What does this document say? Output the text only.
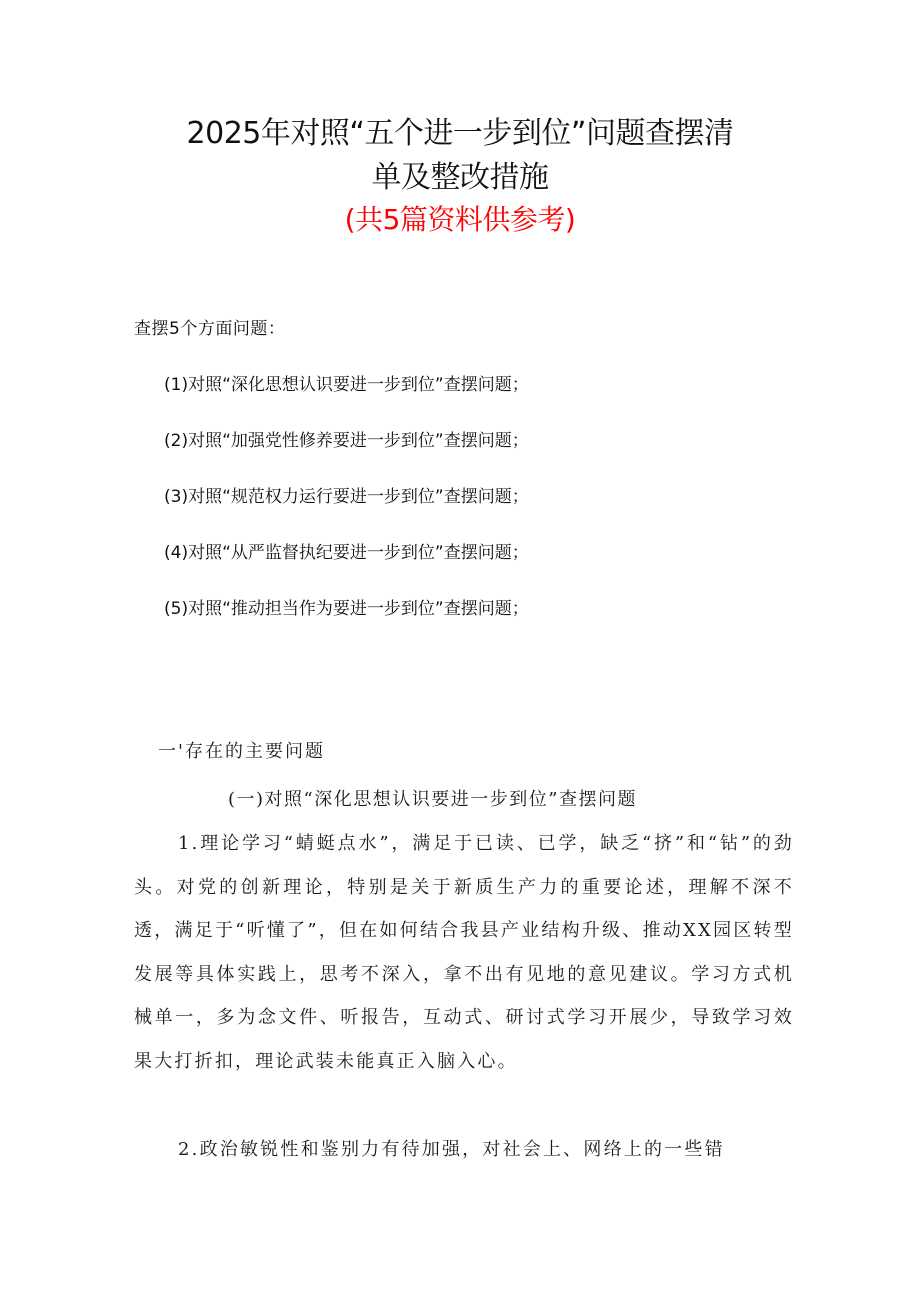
2025年对照“五个进一步到位”问题查摆清
单及整改措施
(共5篇资料供参考)
查摆5个方面问题：
(1)对照“深化思想认识要进一步到位”查摆问题；
(2)对照“加强党性修养要进一步到位”查摆问题；
(3)对照“规范权力运行要进一步到位”查摆问题；
(4)对照“从严监督执纪要进一步到位”查摆问题；
(5)对照“推动担当作为要进一步到位”查摆问题；
一'存在的主要问题
(一)对照“深化思想认识要进一步到位”查摆问题

1.理论学习“蜻蜓点水”，满足于已读、已学，缺乏“挤”和“钻”的劲头。对党的创新理论，特别是关于新质生产力的重要论述，理解不深不透，满足于“听懂了”，但在如何结合我县产业结构升级、推动XX园区转型发展等具体实践上，思考不深入，拿不出有见地的意见建议。学习方式机械单一，多为念文件、听报告，互动式、研讨式学习开展少，导致学习效果大打折扣，理论武装未能真正入脑入心。

2.政治敏锐性和鉴别力有待加强，对社会上、网络上的一些错
